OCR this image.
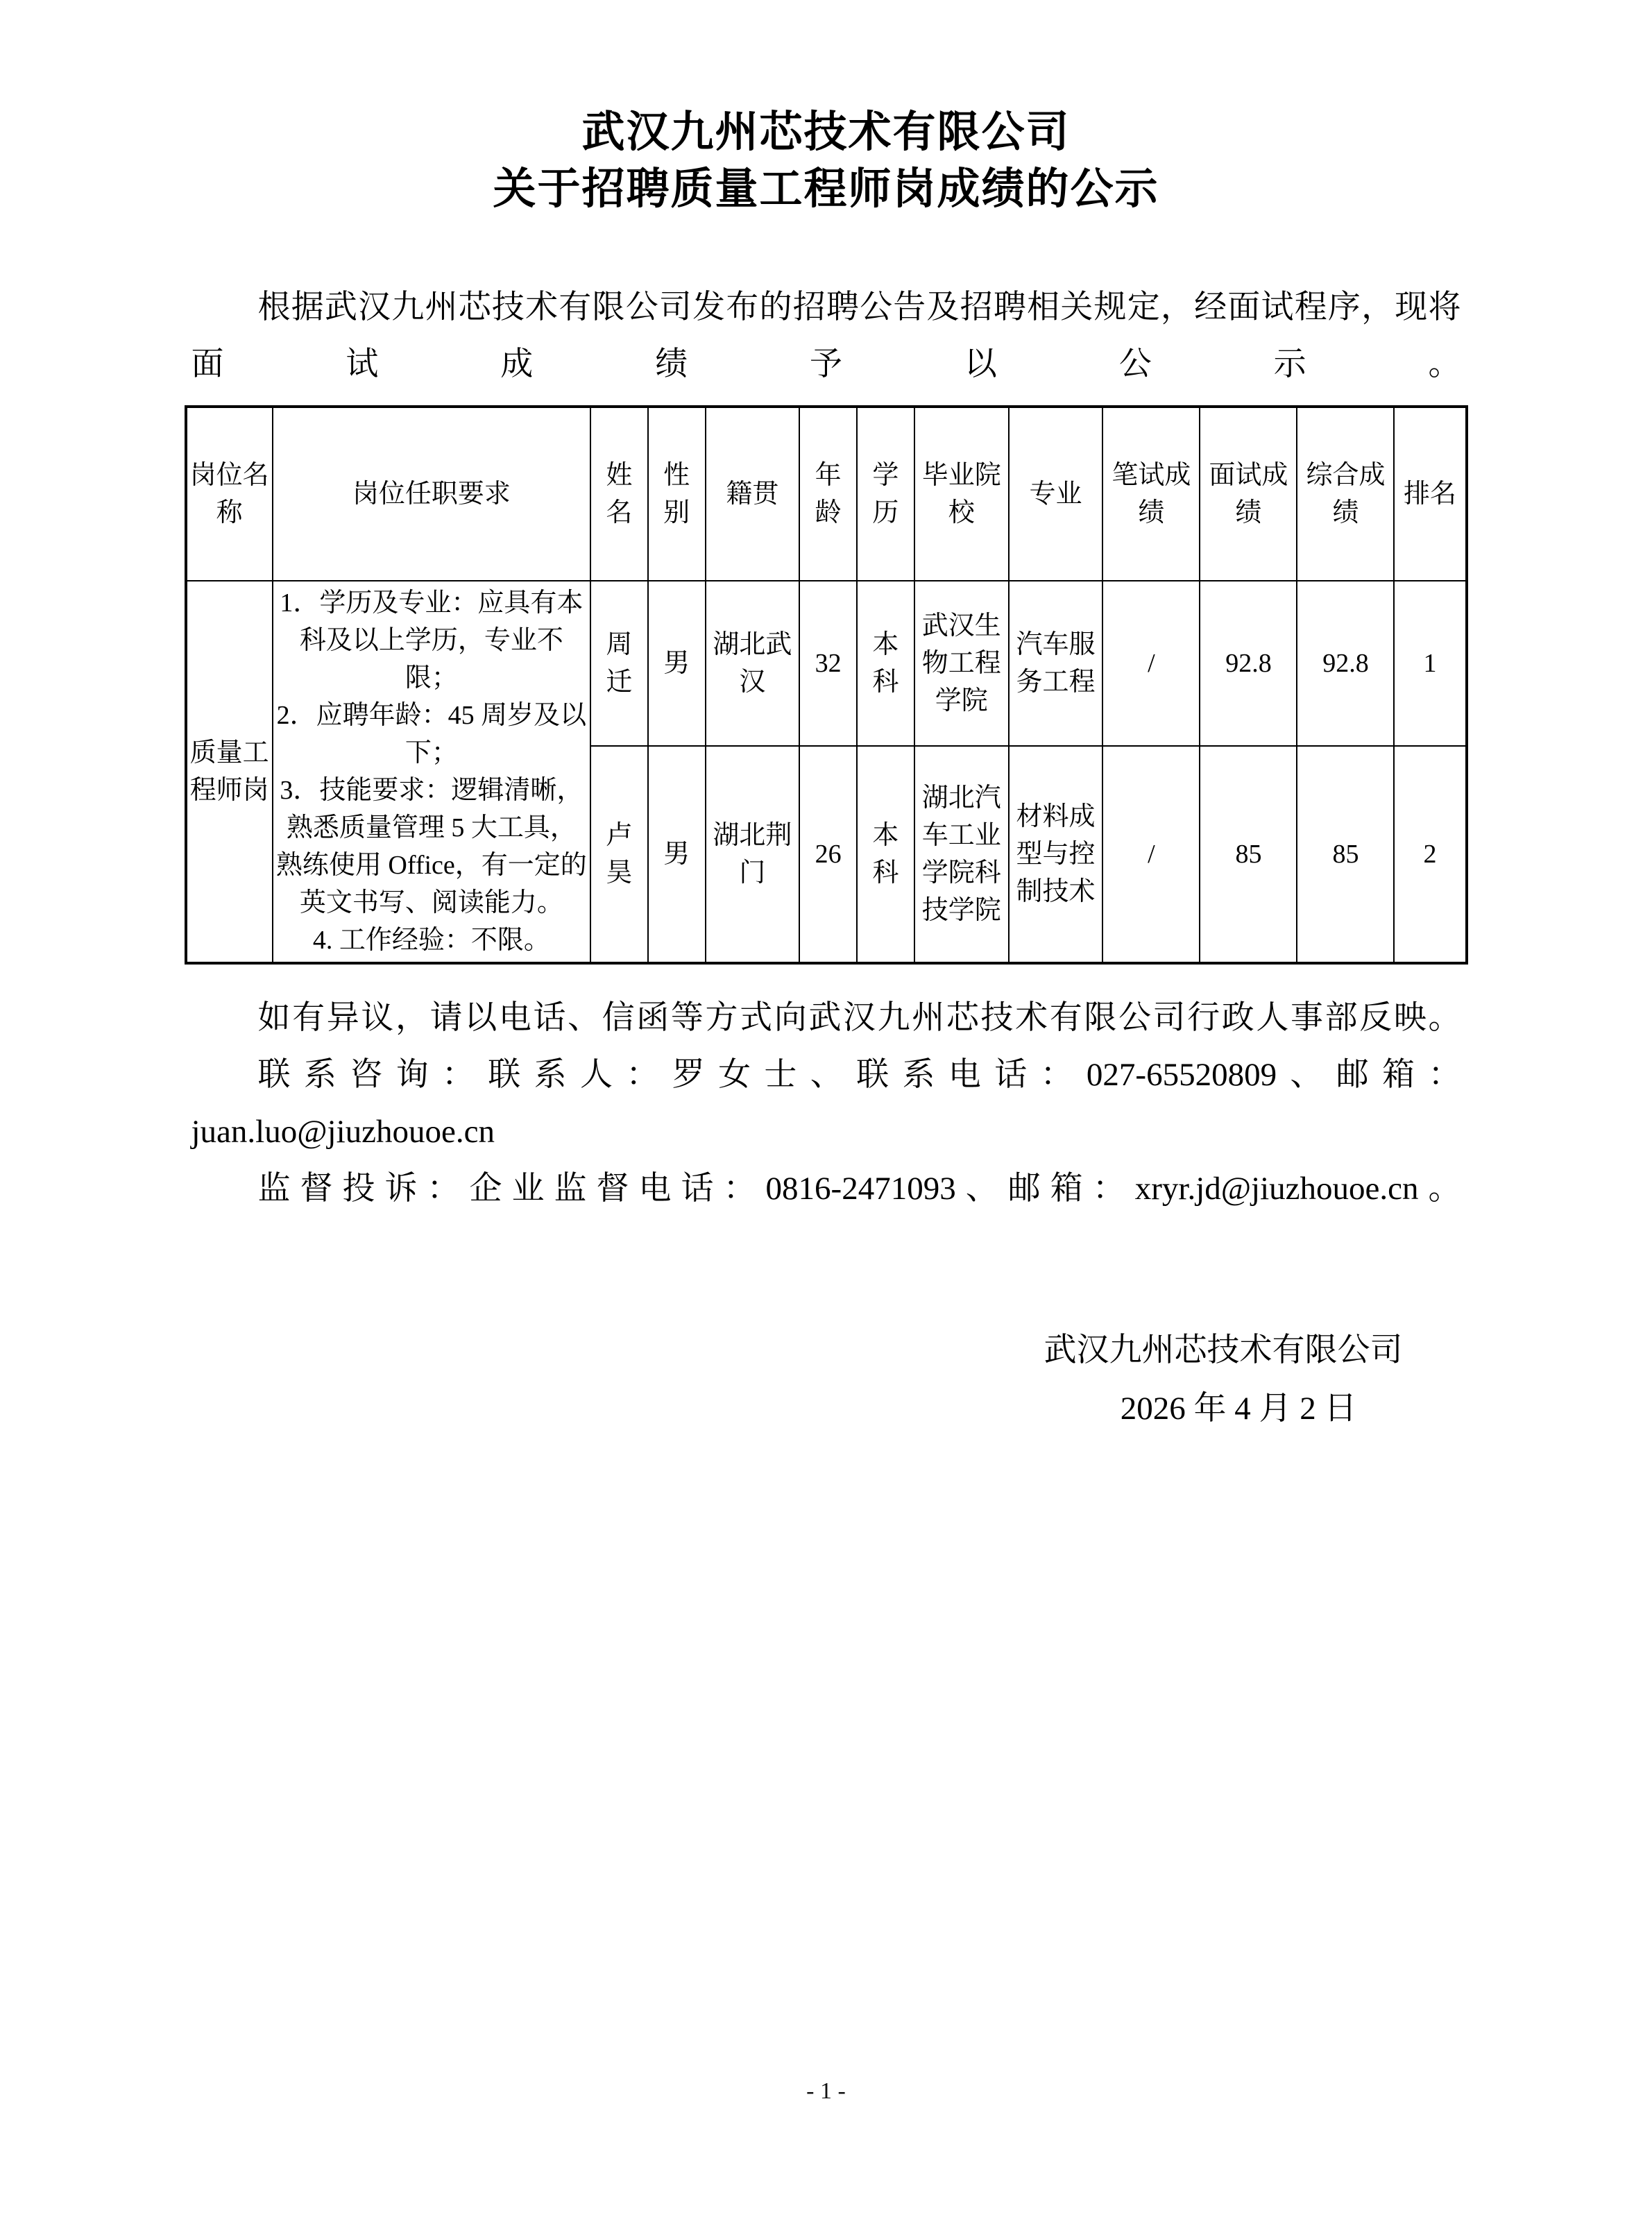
武汉九州芯技术有限公司
关于招聘质量工程师岗成绩的公示

根据武汉九州芯技术有限公司发布的招聘公告及招聘相关规定，经面试程序，现将面试成绩予以公示。

岗位名称	岗位任职要求	姓名	性别	籍贯	年龄	学历	毕业院校	专业	笔试成绩	面试成绩	综合成绩	排名
质量工程师岗	1．学历及专业：应具有本科及以上学历，专业不限；

2．应聘年龄：45 周岁及以下；

3．技能要求：逻辑清晰，熟悉质量管理 5 大工具，熟练使用 Office，有一定的英文书写、阅读能力。

4. 工作经验：不限。	周迁	男	湖北武汉	32	本科	武汉生物工程学院	汽车服务工程	/	92.8	92.8	1
		卢昊	男	湖北荆门	26	本科	湖北汽车工业学院科技学院	材料成型与控制技术	/	85	85	2

如有异议，请以电话、信函等方式向武汉九州芯技术有限公司行政人事部反映。

联系咨询：联系人：罗女士、联系电话：027-65520809、邮箱：juan.luo@jiuzhouoe.cn

监督投诉：企业监督电话：0816-2471093、邮箱：xryr.jd@jiuzhouoe.cn。

武汉九州芯技术有限公司
2026 年 4 月 2 日
- 1 -
